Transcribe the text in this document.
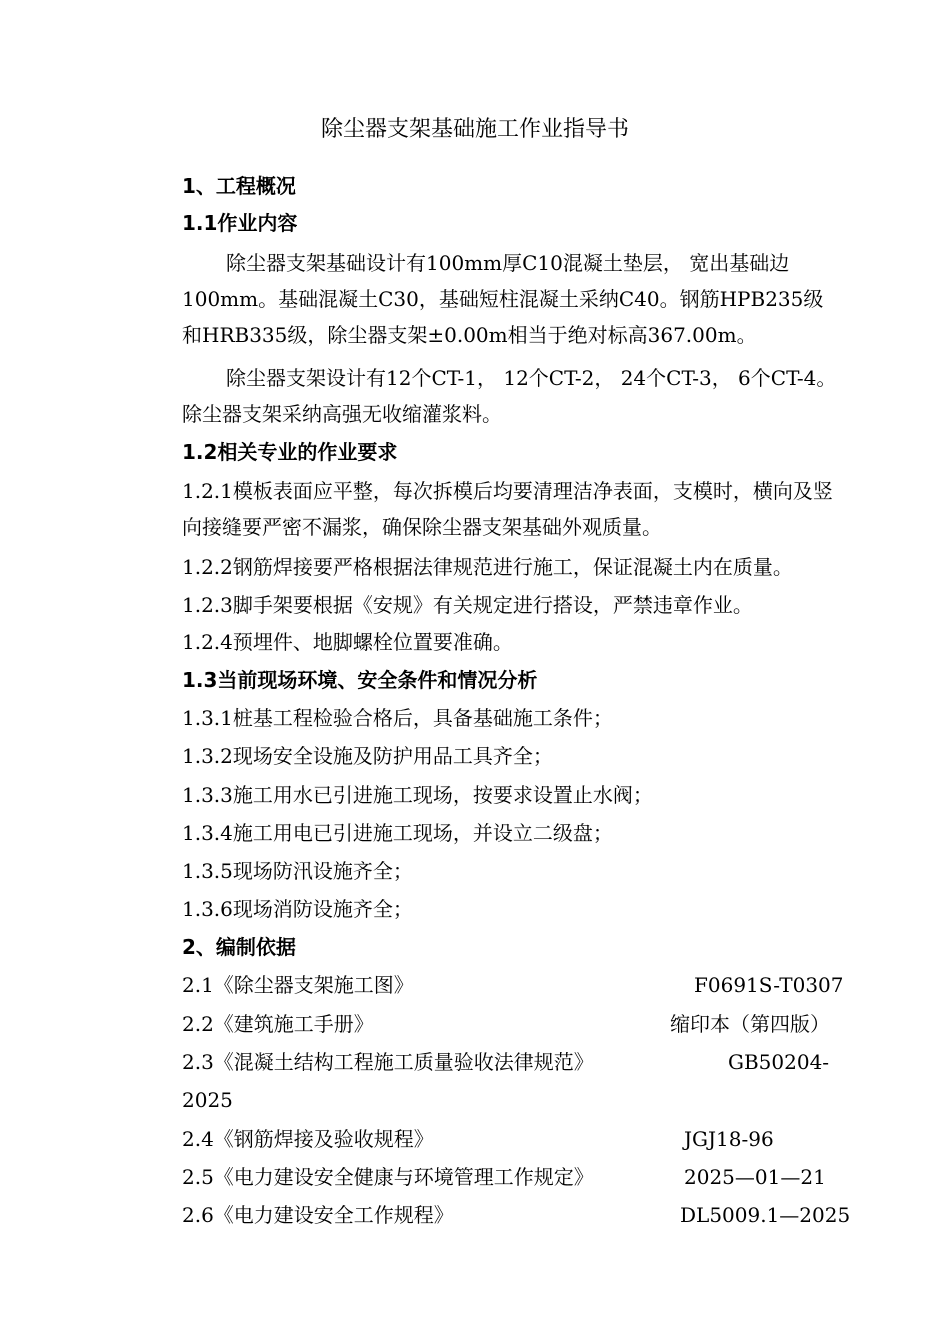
除尘器支架基础施工作业指导书
1、工程概况
1.1作业内容
除尘器支架基础设计有100mm厚C10混凝土垫层， 宽出基础边100mm。基础混凝土C30，基础短柱混凝土采纳C40。钢筋HPB235级和HRB335级，除尘器支架±0.00m相当于绝对标高367.00m。
除尘器支架设计有12个CT-1， 12个CT-2， 24个CT-3， 6个CT-4。除尘器支架采纳高强无收缩灌浆料。
1.2相关专业的作业要求
1.2.1模板表面应平整，每次拆模后均要清理洁净表面，支模时，横向及竖向接缝要严密不漏浆，确保除尘器支架基础外观质量。
1.2.2钢筋焊接要严格根据法律规范进行施工，保证混凝土内在质量。
1.2.3脚手架要根据《安规》有关规定进行搭设，严禁违章作业。
1.2.4预埋件、地脚螺栓位置要准确。
1.3当前现场环境、安全条件和情况分析
1.3.1桩基工程检验合格后，具备基础施工条件；
1.3.2现场安全设施及防护用品工具齐全；
1.3.3施工用水已引进施工现场，按要求设置止水阀；
1.3.4施工用电已引进施工现场，并设立二级盘；
1.3.5现场防汛设施齐全；
1.3.6现场消防设施齐全；
2、编制依据
2.1《除尘器支架施工图》	F0691S-T0307
2.2《建筑施工手册》	缩印本（第四版）
2.3《混凝土结构工程施工质量验收法律规范》	GB50204-
2025
2.4《钢筋焊接及验收规程》	JGJ18-96
2.5《电力建设安全健康与环境管理工作规定》	2025—01—21
2.6《电力建设安全工作规程》	DL5009.1—2025
